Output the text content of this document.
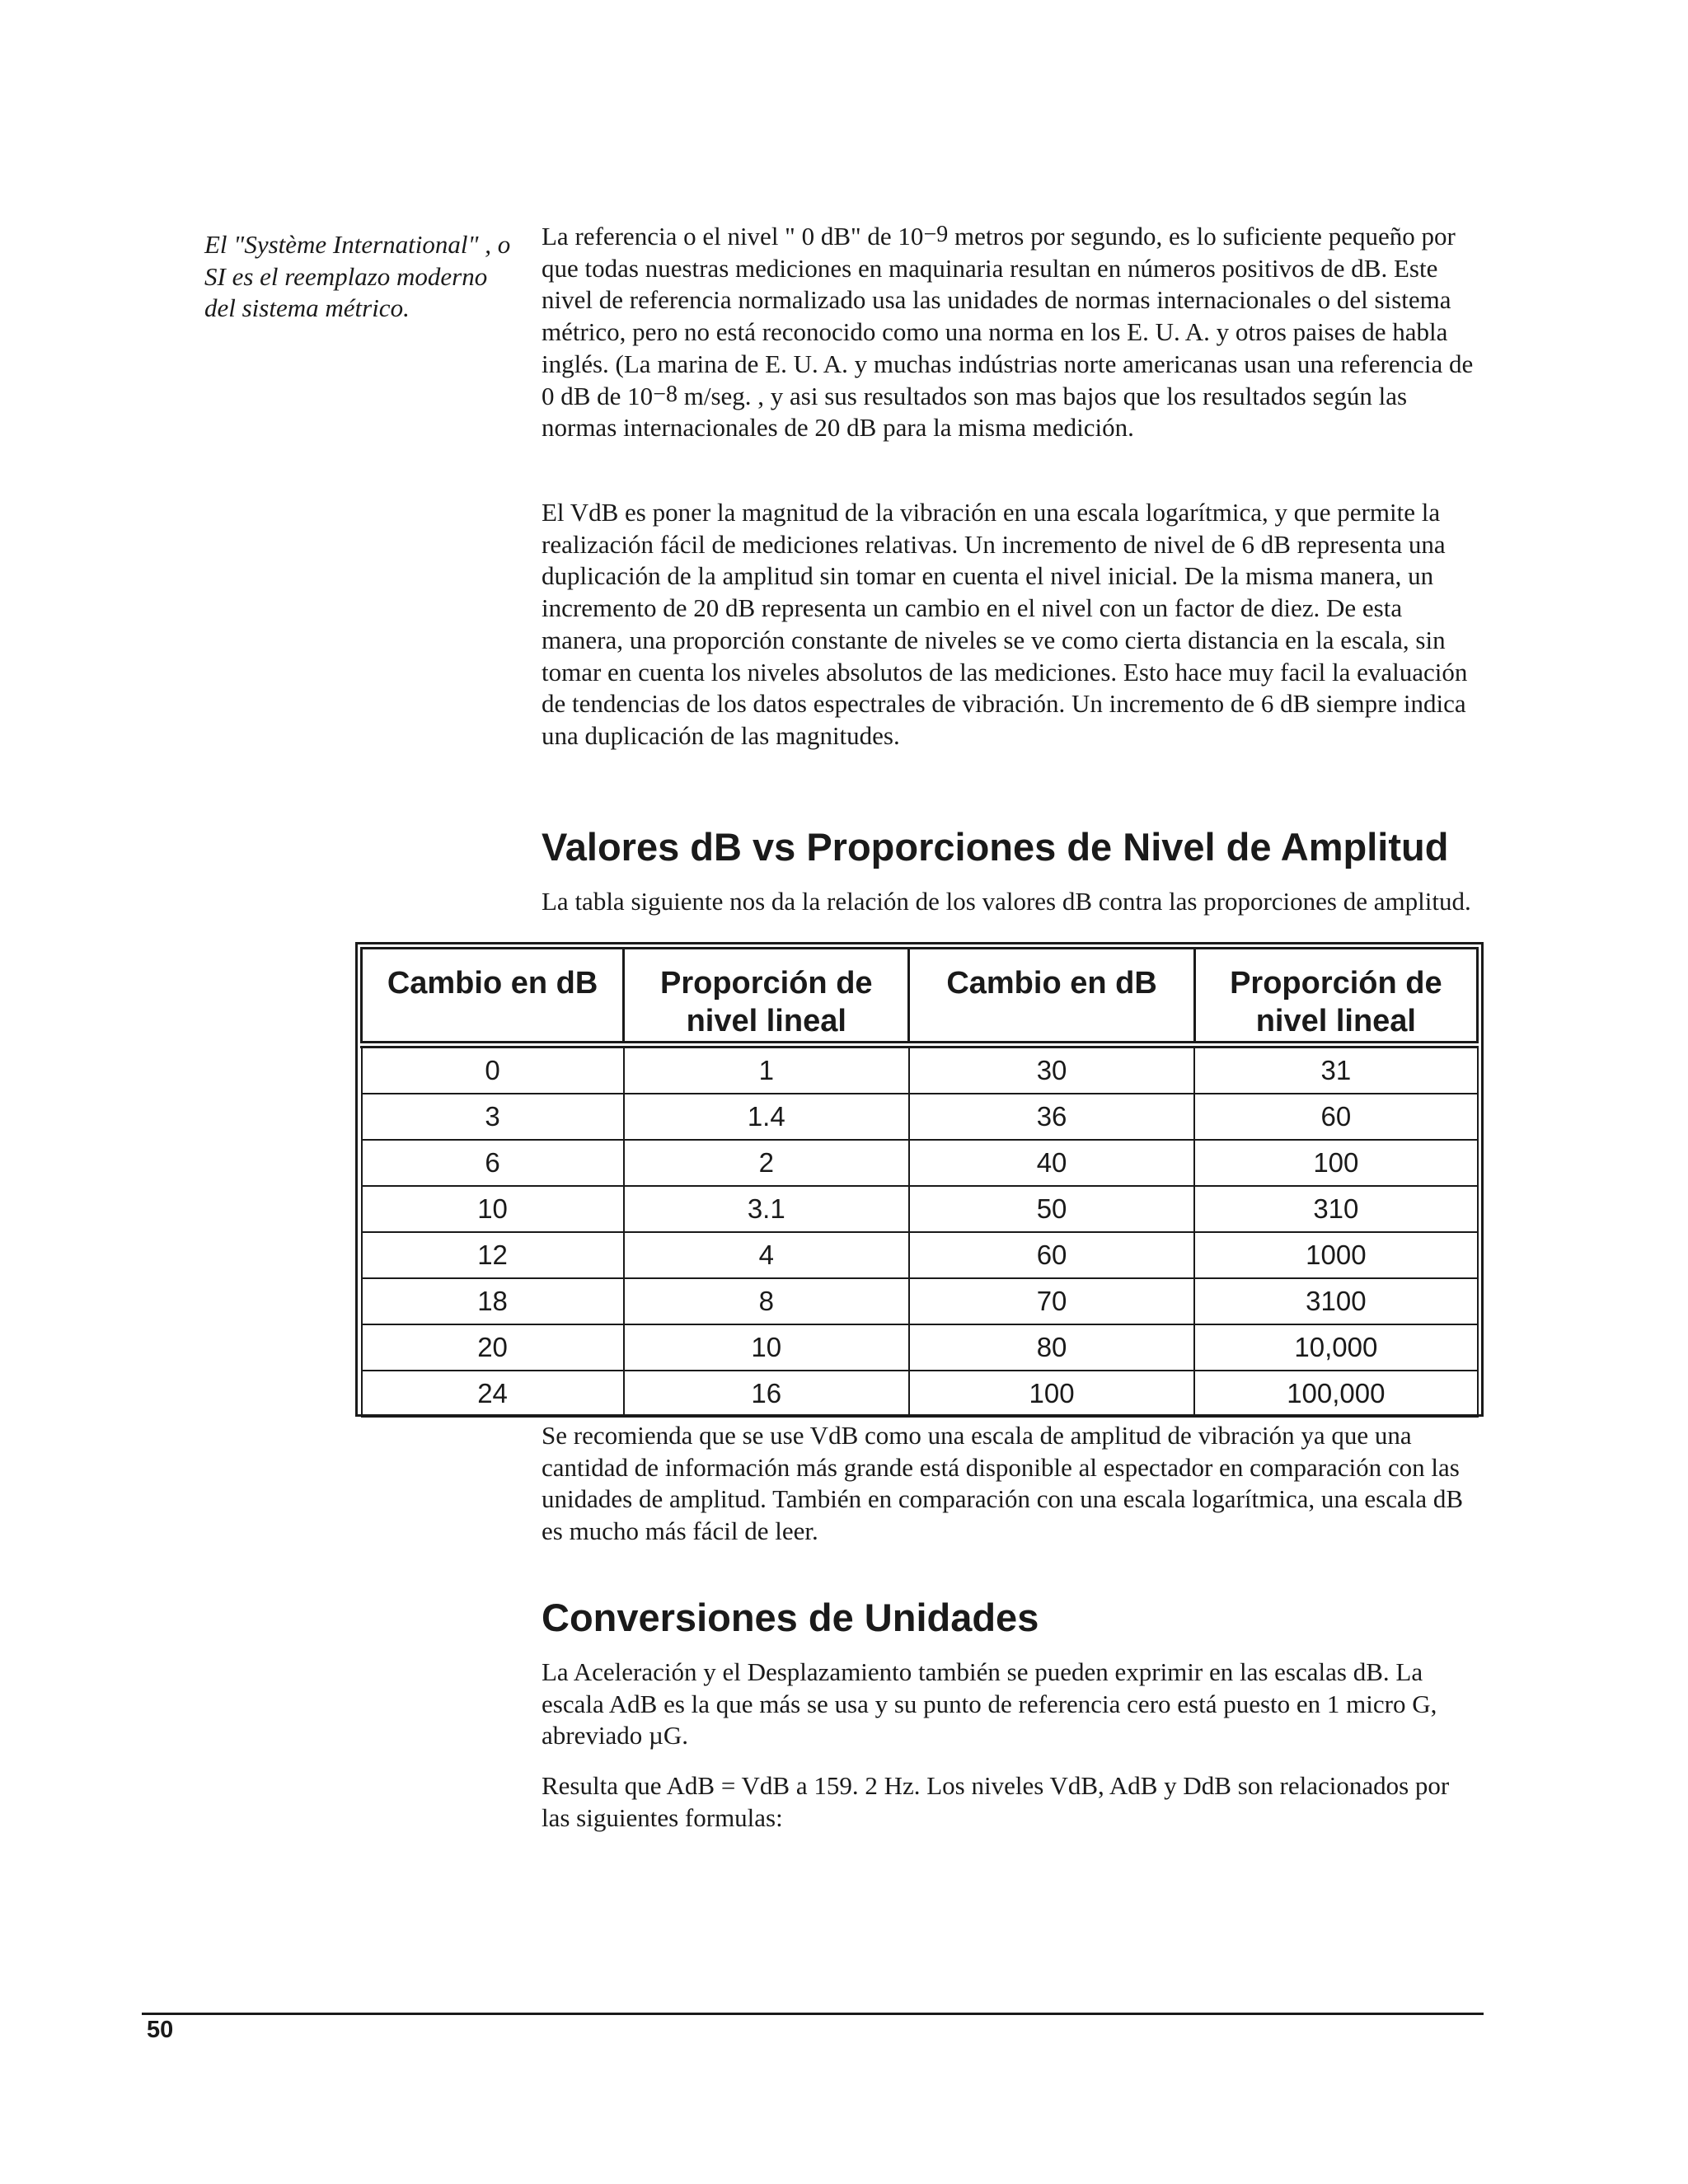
El "Système International" , o SI es el reemplazo moderno del sistema métrico.

La referencia o el nivel " 0 dB" de $10^{-9}$ metros por segundo, es lo suficiente pequeño por que todas nuestras mediciones en maquinaria resultan en números positivos de dB. Este nivel de referencia normalizado usa las unidades de normas internacionales o del sistema métrico, pero no está reconocido como una norma en los E. U. A. y otros paises de habla inglés. (La marina de E. U. A. y muchas indústrias norte americanas usan una referencia de 0 dB de $10^{-8}$ m/seg. , y asi sus resultados son mas bajos que los resultados según las normas internacionales de 20 dB para la misma medición.

El VdB es poner la magnitud de la vibración en una escala logarítmica, y que permite la realización fácil de mediciones relativas. Un incremento de nivel de 6 dB representa una duplicación de la amplitud sin tomar en cuenta el nivel inicial. De la misma manera, un incremento de 20 dB representa un cambio en el nivel con un factor de diez. De esta manera, una proporción constante de niveles se ve como cierta distancia en la escala, sin tomar en cuenta los niveles absolutos de las mediciones. Esto hace muy facil la evaluación de tendencias de los datos espectrales de vibración. Un incremento de 6 dB siempre indica una duplicación de las magnitudes.

Valores dB vs Proporciones de Nivel de Amplitud

La tabla siguiente nos da la relación de los valores dB contra las proporciones de amplitud.

Cambio en dB	Proporción de nivel lineal	Cambio en dB	Proporción de nivel lineal
0	1	30	31
3	1.4	36	60
6	2	40	100
10	3.1	50	310
12	4	60	1000
18	8	70	3100
20	10	80	10,000
24	16	100	100,000

Se recomienda que se use VdB como una escala de amplitud de vibración ya que una cantidad de información más grande está disponible al espectador en comparación con las unidades de amplitud. También en comparación con una escala logarítmica, una escala dB es mucho más fácil de leer.

Conversiones de Unidades

La Aceleración y el Desplazamiento también se pueden exprimir en las escalas dB. La escala AdB es la que más se usa y su punto de referencia cero está puesto en 1 micro G, abreviado µG.

Resulta que AdB = VdB a 159. 2 Hz. Los niveles VdB, AdB y DdB son relacionados por las siguientes formulas:

50
